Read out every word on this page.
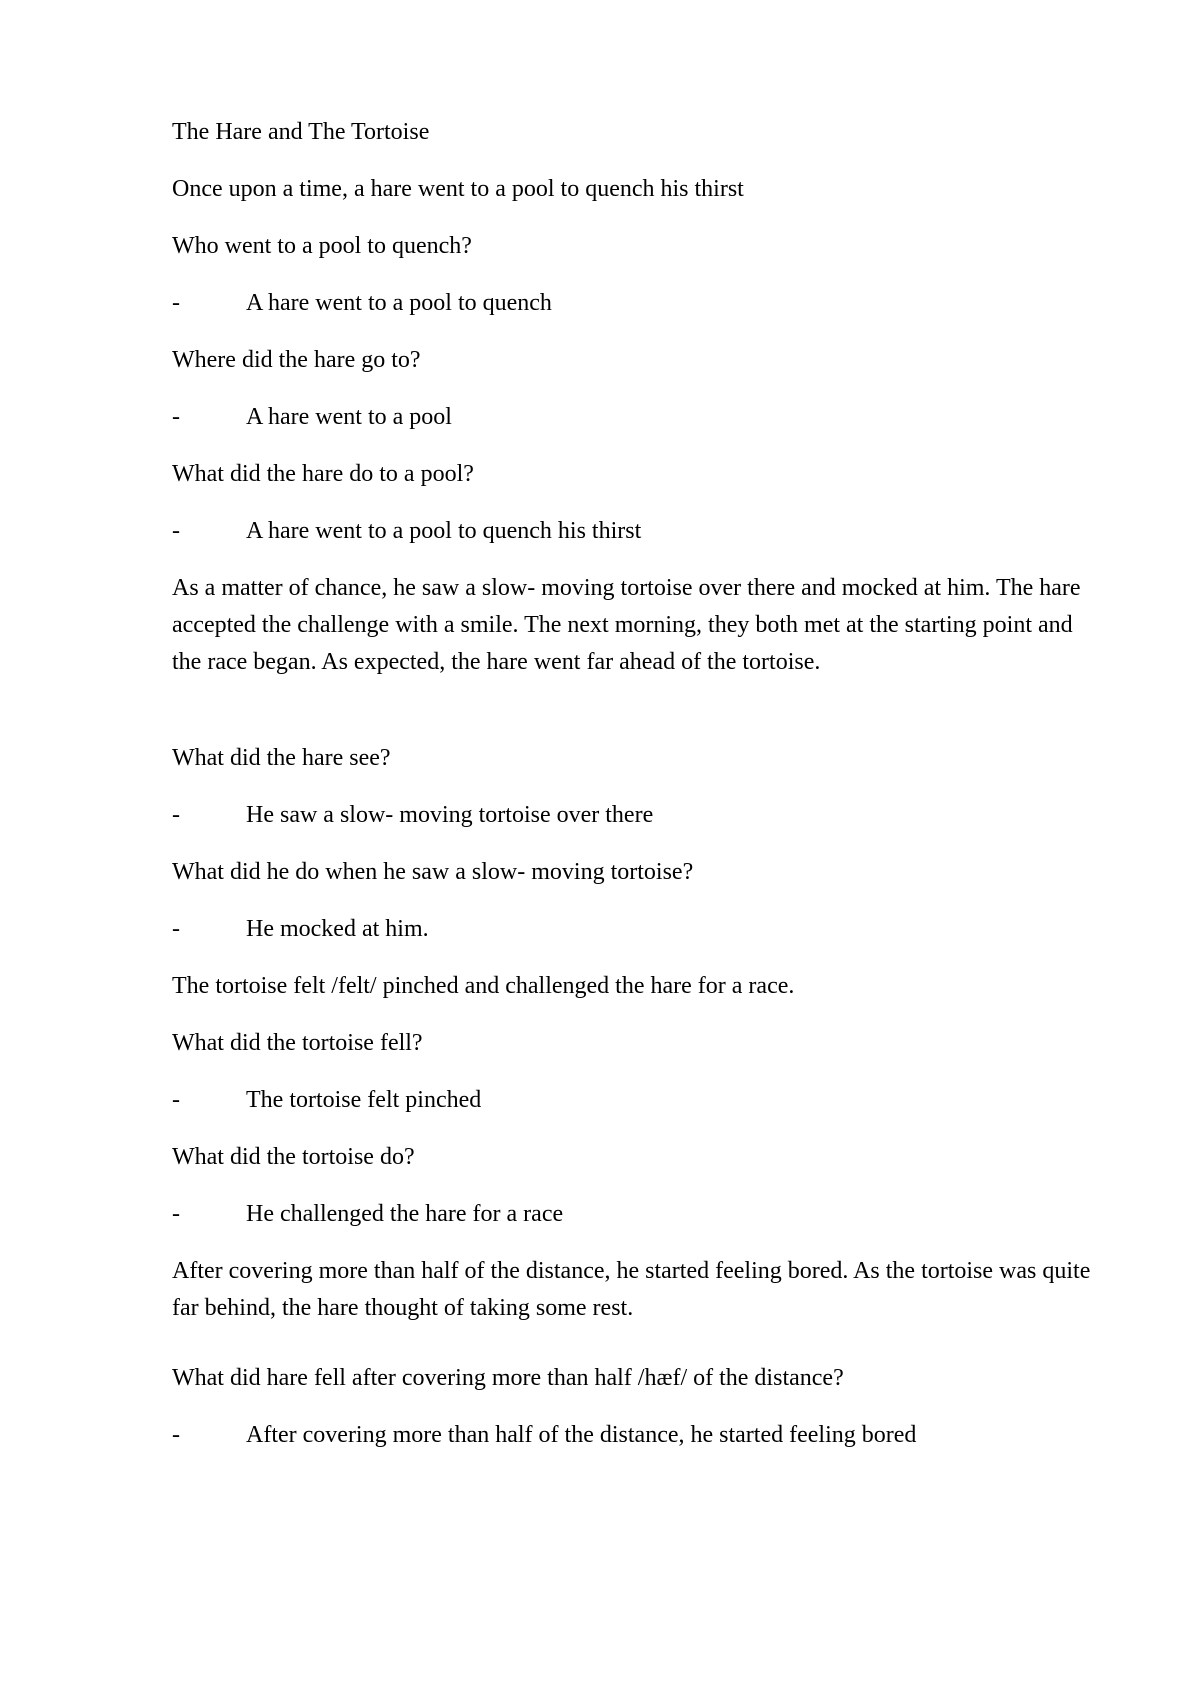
The Hare and The Tortoise
Once upon a time, a hare went to a pool to quench his thirst
Who went to a pool to quench?
-	A hare went to a pool to quench
Where did the hare go to?
-	A hare went to a pool
What did the hare do to a pool?
-	A hare went to a pool to quench his thirst
As a matter of chance, he saw a slow- moving tortoise over there and mocked at him. The hare accepted the challenge with a smile. The next morning, they both met at the starting point and the race began. As expected, the hare went far ahead of the tortoise.
What did the hare see?
-	He saw a slow- moving tortoise over there
What did he do when he saw a slow- moving tortoise?
-	He mocked at him.
The tortoise felt /felt/ pinched and challenged the hare for a race.
What did the tortoise fell?
-	The tortoise felt pinched
What did the tortoise do?
-	He challenged the hare for a race
After covering more than half of the distance, he started feeling bored. As the tortoise was quite far behind, the hare thought of taking some rest.
What did hare fell after covering more than half /hæf/ of the distance?
-	After covering more than half of the distance, he started feeling bored
